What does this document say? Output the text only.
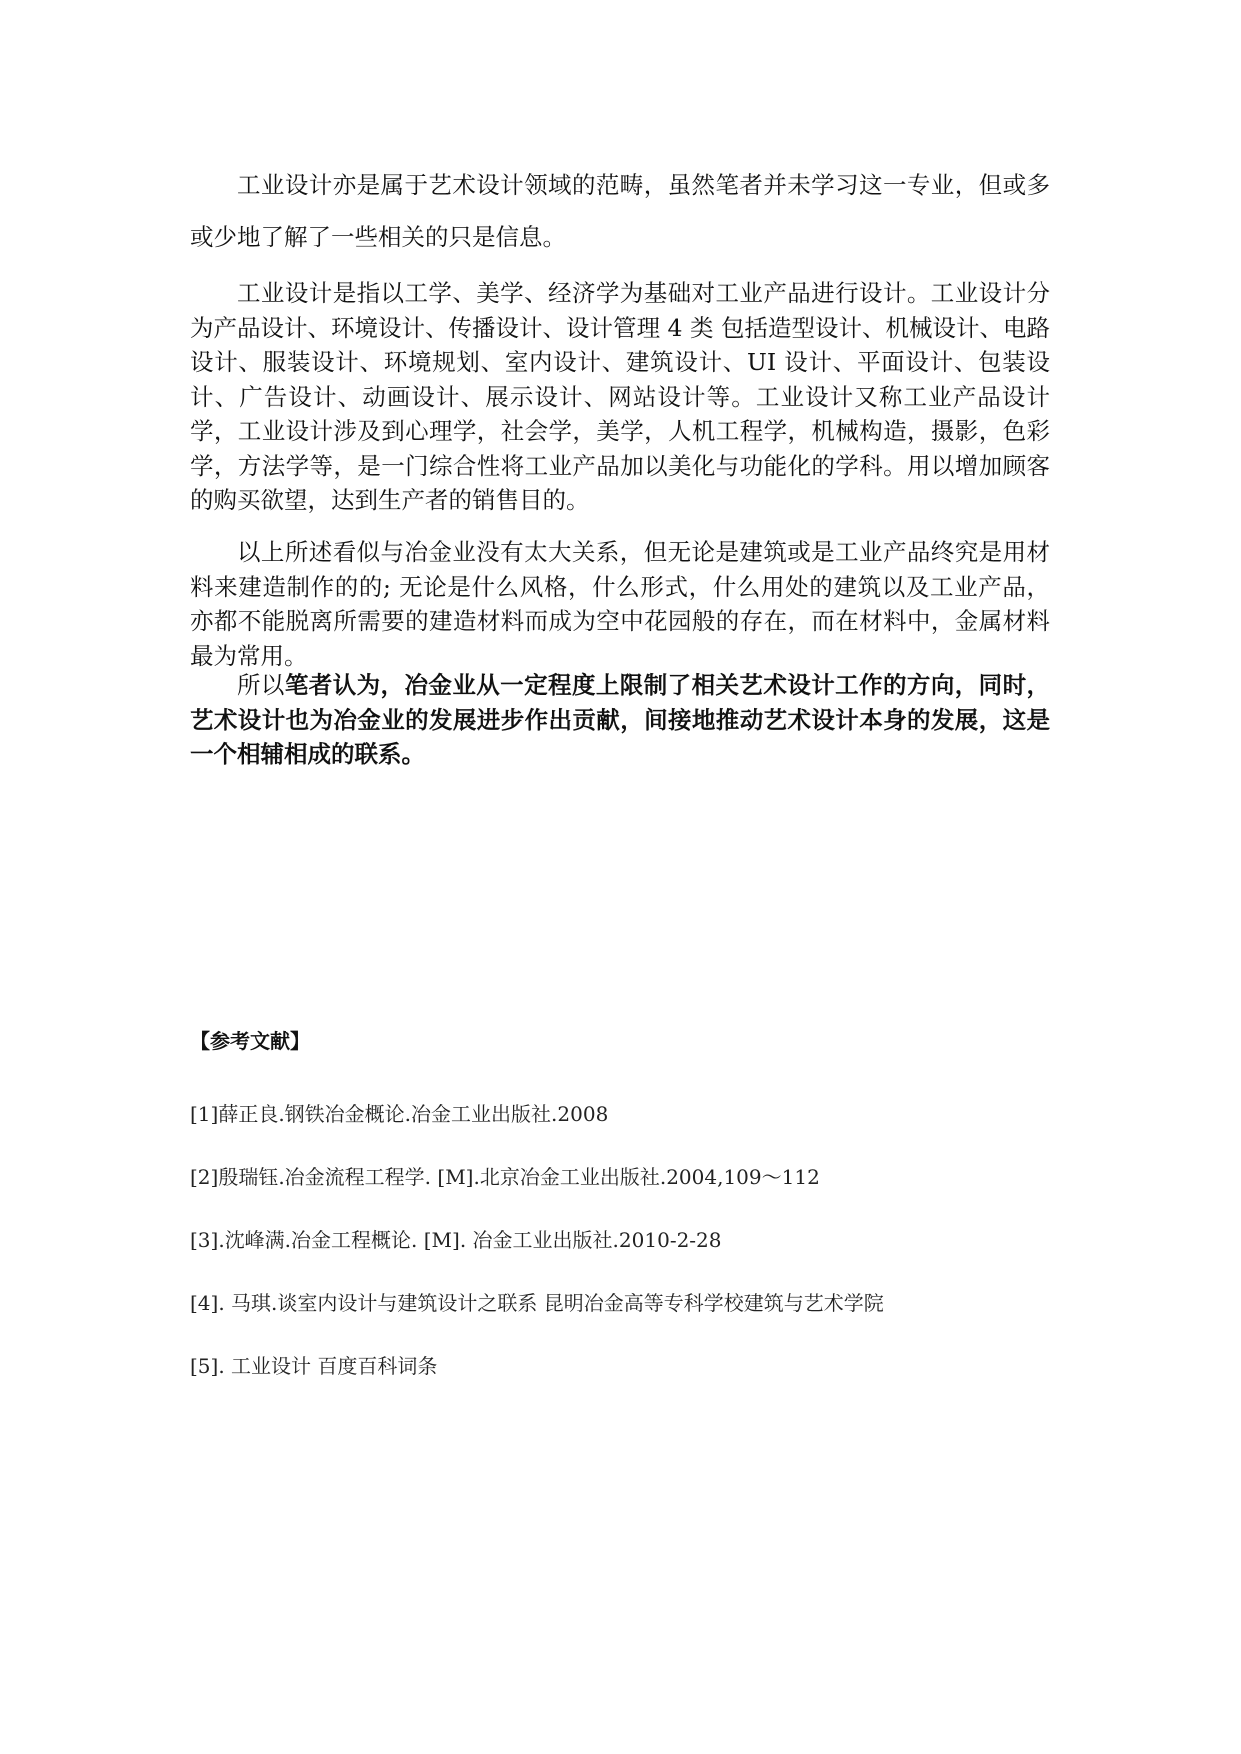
工业设计亦是属于艺术设计领域的范畴，虽然笔者并未学习这一专业，但或多或少地了解了一些相关的只是信息。

工业设计是指以工学、美学、经济学为基础对工业产品进行设计。工业设计分为产品设计、环境设计、传播设计、设计管理 4 类 包括造型设计、机械设计、电路设计、服装设计、环境规划、室内设计、建筑设计、UI 设计、平面设计、包装设计、广告设计、动画设计、展示设计、网站设计等。工业设计又称工业产品设计学，工业设计涉及到心理学，社会学，美学，人机工程学，机械构造，摄影，色彩学，方法学等，是一门综合性将工业产品加以美化与功能化的学科。用以增加顾客的购买欲望，达到生产者的销售目的。

以上所述看似与冶金业没有太大关系，但无论是建筑或是工业产品终究是用材料来建造制作的的; 无论是什么风格，什么形式，什么用处的建筑以及工业产品，亦都不能脱离所需要的建造材料而成为空中花园般的存在，而在材料中，金属材料最为常用。

所以笔者认为，冶金业从一定程度上限制了相关艺术设计工作的方向，同时，艺术设计也为冶金业的发展进步作出贡献，间接地推动艺术设计本身的发展，这是一个相辅相成的联系。

【参考文献】

[1]薛正良.钢铁冶金概论.冶金工业出版社.2008

[2]殷瑞钰.冶金流程工程学. [M].北京冶金工业出版社.2004,109～112

[3].沈峰满.冶金工程概论. [M]. 冶金工业出版社.2010-2-28

[4]. 马琪.谈室内设计与建筑设计之联系 昆明冶金高等专科学校建筑与艺术学院

[5]. 工业设计 百度百科词条
